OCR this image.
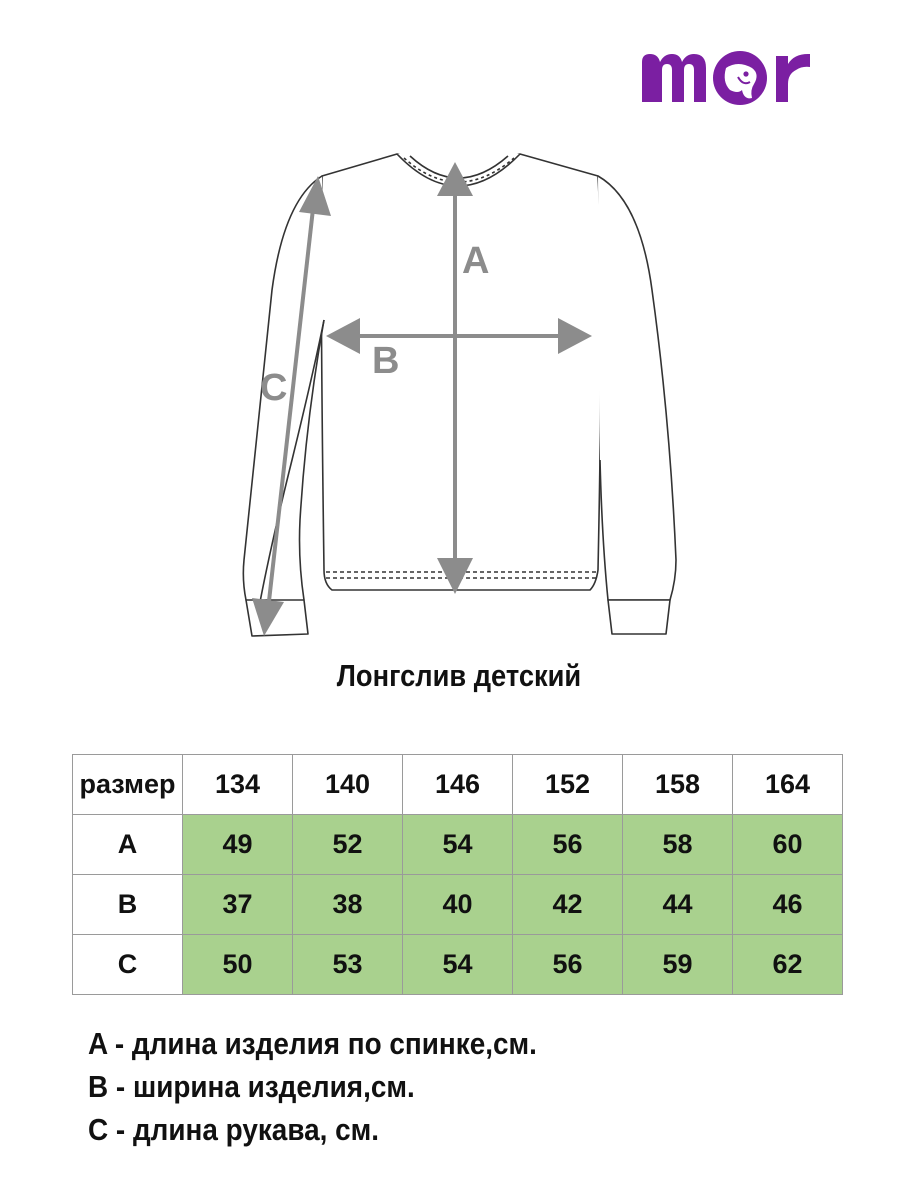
A
B
C
Лонгслив детский
размер	134	140	146	152	158	164
A	49	52	54	56	58	60
B	37	38	40	42	44	46
C	50	53	54	56	59	62
A - длина изделия по спинке,см.
B - ширина изделия,см.
C - длина рукава, см.
